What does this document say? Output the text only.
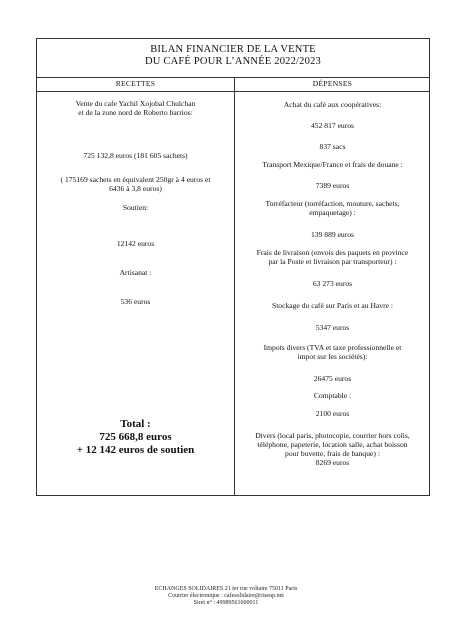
BILAN FINANCIER DE LA VENTE
DU CAFÉ POUR L’ANNÉE 2022/2023
RECETTES	DÉPENSES

Vente du cafe Yachil Xojobal Chulchan

et de la zone nord de Roberto barrios:

725 132,8 euros (181 605 sachets)

( 175169 sachets en équivalent 250gr à 4 euros et

6436 à 3,8 euros)

Soutien:

12142 euros

Artisanat :

536 euros

Total :
725 668,8 euros
+ 12 142 euros de soutien

Achat du café aux coopératives:

452 817 euros

837 sacs

Transport Mexique/France et frais de douane :

7389 euros

Torréfacteur (torréfaction, mouture, sachets,

empaquetage) :

139 889 euros

Frais de livraison (envois des paquets en province

par la Poste et livraison par transporteur) :

63 273 euros

Stockage du café sur Paris et au Havre :

5347 euros

Impots divers (TVA et taxe professionnelle et

impot sur les sociétés):

26475 euros

Comptable :

2100 euros

Divers (local paris, photocopie, courrier hors colis,

téléphone, papeterie, location salle, achat boisson

pour buvette, frais de banque) :

8269 euros

ECHANGES SOLIDAIRES 21 ter rue voltaire 75011 Paris
Courrier électronique : cafesolidaire@riseup.net
Siret n° : 49989561600011
